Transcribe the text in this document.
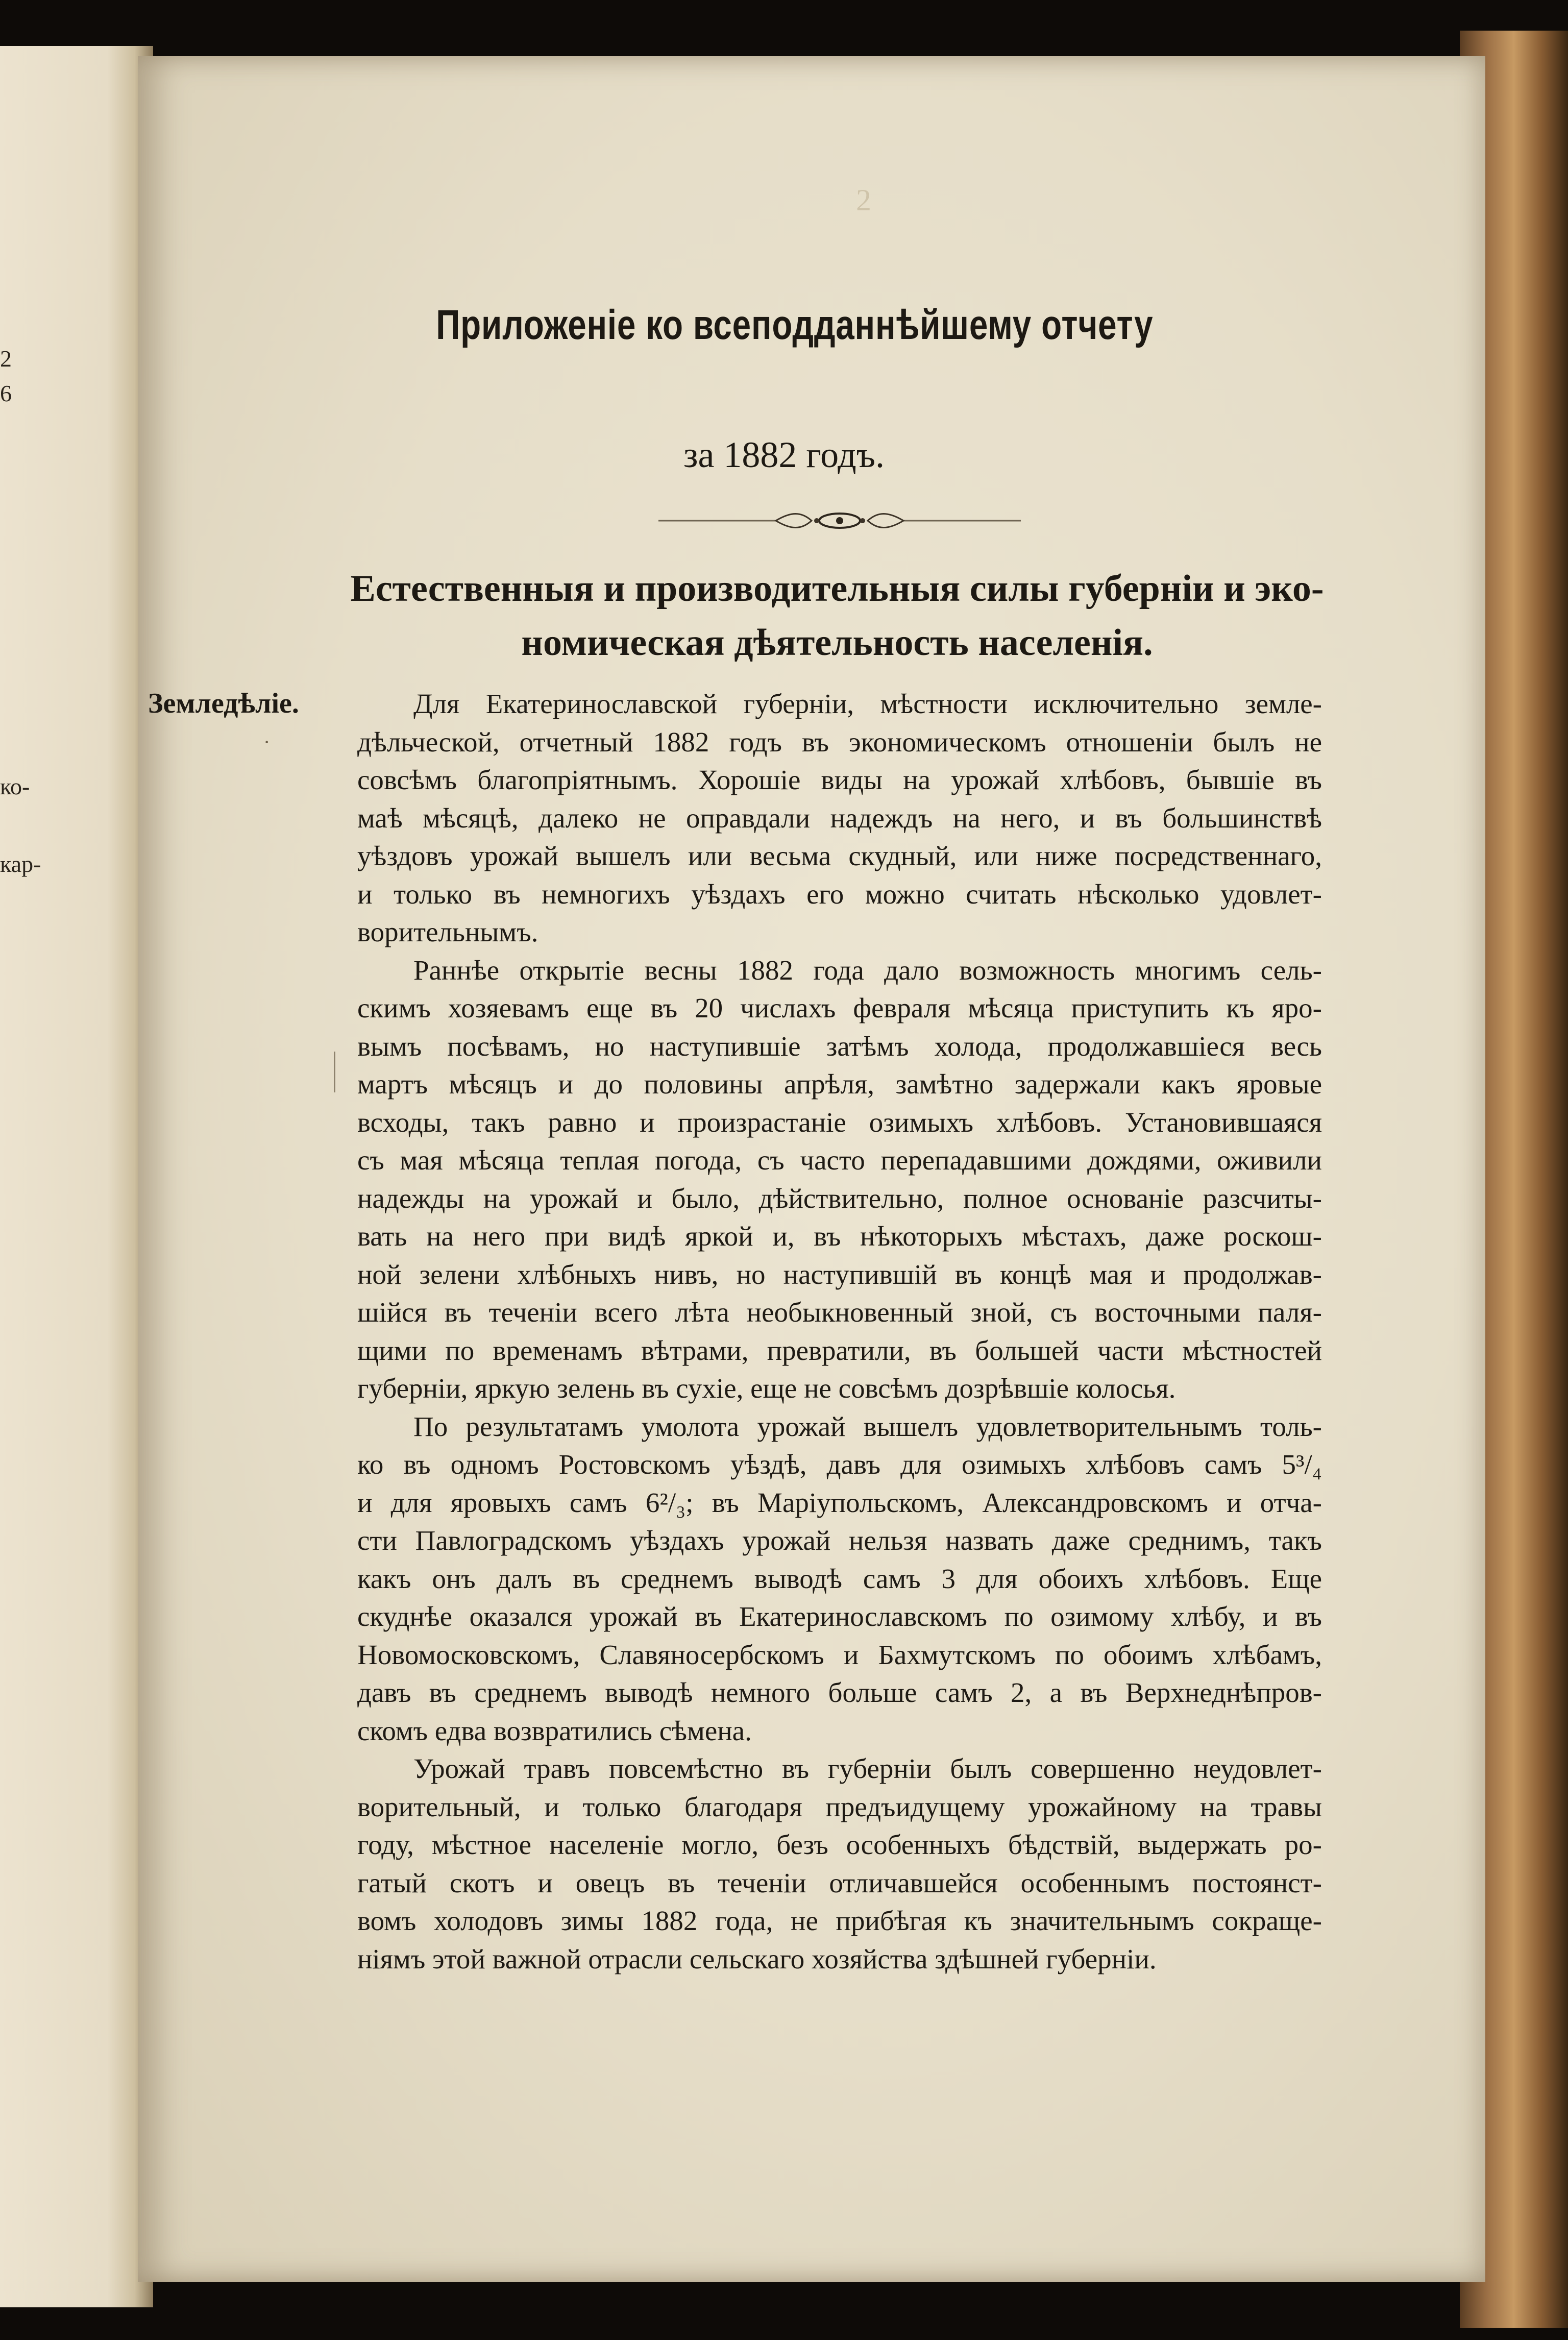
2
6
ко-
кар-
2
Приложеніе ко всеподданнѣйшему отчету
за 1882 годъ.
Естественныя и производительныя силы губерніи и эко-
номическая дѣятельность населенія.
Земледѣліе.
·

Для Екатеринославской губерніи, мѣстности исключительно земле-
дѣльческой, отчетный 1882 годъ въ экономическомъ отношеніи былъ не
совсѣмъ благопріятнымъ. Хорошіе виды на урожай хлѣбовъ, бывшіе въ
маѣ мѣсяцѣ, далеко не оправдали надеждъ на него, и въ большинствѣ
уѣздовъ урожай вышелъ или весьма скудный, или ниже посредственнаго,
и только въ немногихъ уѣздахъ его можно считать нѣсколько удовлет-
ворительнымъ.

Раннѣе открытіе весны 1882 года дало возможность многимъ сель-
скимъ хозяевамъ еще въ 20 числахъ февраля мѣсяца приступить къ яро-
вымъ посѣвамъ, но наступившіе затѣмъ холода, продолжавшіеся весь
мартъ мѣсяцъ и до половины апрѣля, замѣтно задержали какъ яровые
всходы, такъ равно и произрастаніе озимыхъ хлѣбовъ. Установившаяся
съ мая мѣсяца теплая погода, съ часто перепадавшими дождями, оживили
надежды на урожай и было, дѣйствительно, полное основаніе разсчиты-
вать на него при видѣ яркой и, въ нѣкоторыхъ мѣстахъ, даже роскош-
ной зелени хлѣбныхъ нивъ, но наступившій въ концѣ мая и продолжав-
шійся въ теченіи всего лѣта необыкновенный зной, съ восточными паля-
щими по временамъ вѣтрами, превратили, въ большей части мѣстностей
губерніи, яркую зелень въ сухіе, еще не совсѣмъ дозрѣвшіе колосья.

По результатамъ умолота урожай вышелъ удовлетворительнымъ толь-
ко въ одномъ Ростовскомъ уѣздѣ, давъ для озимыхъ хлѣбовъ самъ 5³/₄
и для яровыхъ самъ 6²/₃; въ Маріупольскомъ, Александровскомъ и отча-
сти Павлоградскомъ уѣздахъ урожай нельзя назвать даже среднимъ, такъ
какъ онъ далъ въ среднемъ выводѣ самъ 3 для обоихъ хлѣбовъ. Еще
скуднѣе оказался урожай въ Екатеринославскомъ по озимому хлѣбу, и въ
Новомосковскомъ, Славяносербскомъ и Бахмутскомъ по обоимъ хлѣбамъ,
давъ въ среднемъ выводѣ немного больше самъ 2, а въ Верхнеднѣпров-
скомъ едва возвратились сѣмена.

Урожай травъ повсемѣстно въ губерніи былъ совершенно неудовлет-
ворительный, и только благодаря предъидущему урожайному на травы
году, мѣстное населеніе могло, безъ особенныхъ бѣдствій, выдержать ро-
гатый скотъ и овецъ въ теченіи отличавшейся особеннымъ постоянст-
вомъ холодовъ зимы 1882 года, не прибѣгая къ значительнымъ сокраще-
ніямъ этой важной отрасли сельскаго хозяйства здѣшней губерніи.
